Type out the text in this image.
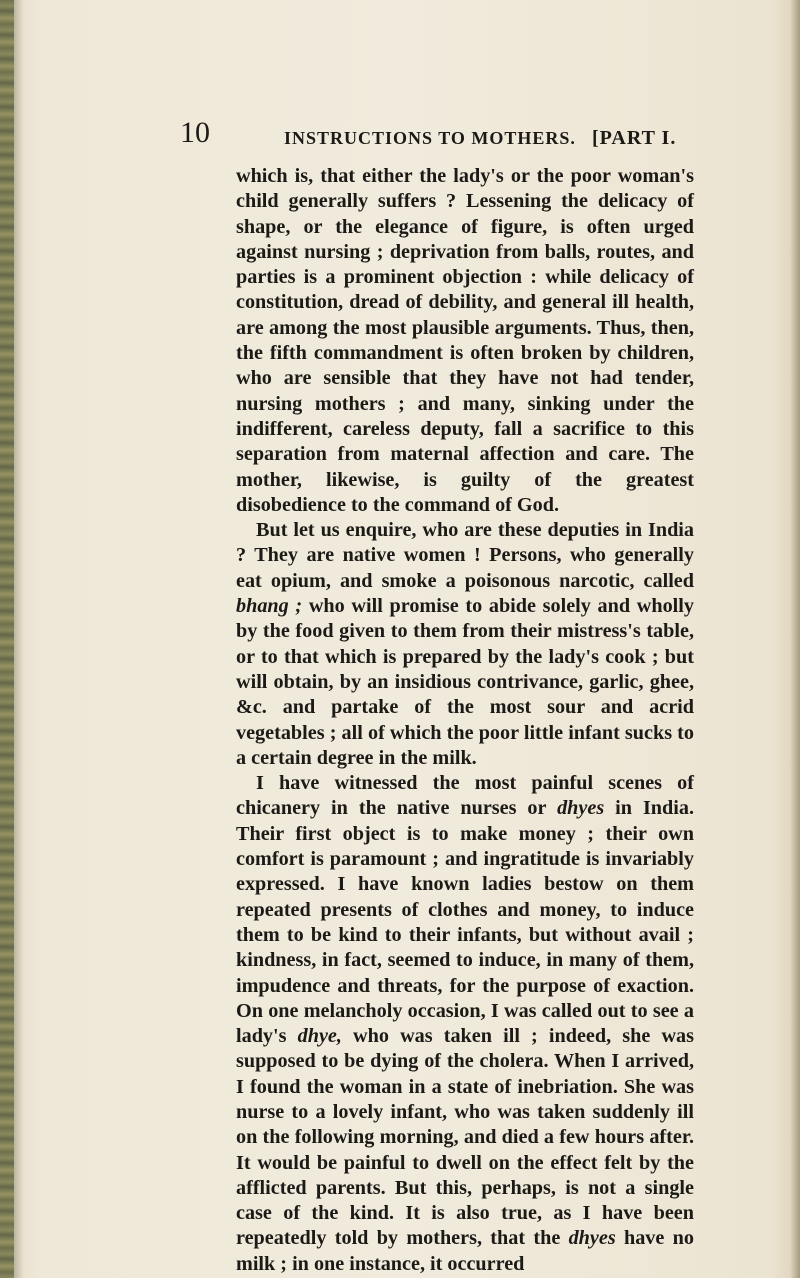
10	INSTRUCTIONS TO MOTHERS. [PART I.

which is, that either the lady's or the poor woman's child generally suffers ? Lessening the delicacy of shape, or the elegance of figure, is often urged against nursing ; deprivation from balls, routes, and parties is a prominent objection : while delicacy of constitution, dread of debility, and general ill health, are among the most plausible arguments. Thus, then, the fifth commandment is often broken by children, who are sensible that they have not had tender, nursing mothers ; and many, sinking under the indifferent, careless deputy, fall a sacrifice to this separation from maternal affection and care. The mother, likewise, is guilty of the greatest disobedience to the command of God.

But let us enquire, who are these deputies in India ? They are native women ! Persons, who generally eat opium, and smoke a poisonous narcotic, called bhang ; who will promise to abide solely and wholly by the food given to them from their mistress's table, or to that which is prepared by the lady's cook ; but will obtain, by an insidious contrivance, garlic, ghee, &c. and partake of the most sour and acrid vegetables ; all of which the poor little infant sucks to a certain degree in the milk.

I have witnessed the most painful scenes of chicanery in the native nurses or dhyes in India. Their first object is to make money ; their own comfort is paramount ; and ingratitude is invariably expressed. I have known ladies bestow on them repeated presents of clothes and money, to induce them to be kind to their infants, but without avail ; kindness, in fact, seemed to induce, in many of them, impudence and threats, for the purpose of exaction. On one melancholy occasion, I was called out to see a lady's dhye, who was taken ill ; indeed, she was supposed to be dying of the cholera. When I arrived, I found the woman in a state of inebriation. She was nurse to a lovely infant, who was taken suddenly ill on the following morning, and died a few hours after. It would be painful to dwell on the effect felt by the afflicted parents. But this, perhaps, is not a single case of the kind. It is also true, as I have been repeatedly told by mothers, that the dhyes have no milk ; in one instance, it occurred
